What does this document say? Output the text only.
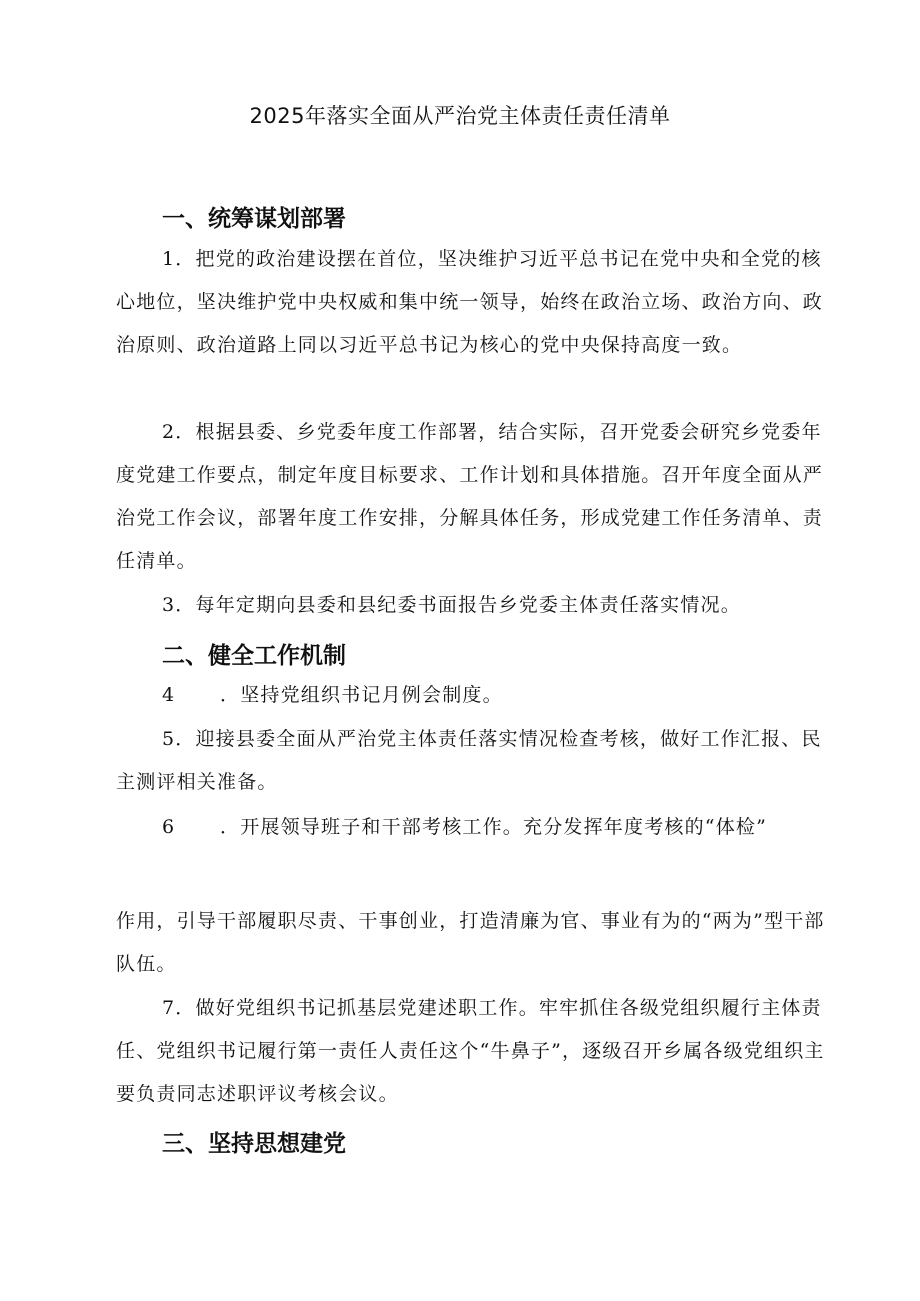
2025年落实全面从严治党主体责任责任清单
一、统筹谋划部署
1．把党的政治建设摆在首位，坚决维护习近平总书记在党中央和全党的核心地位，坚决维护党中央权威和集中统一领导，始终在政治立场、政治方向、政治原则、政治道路上同以习近平总书记为核心的党中央保持高度一致。
2．根据县委、乡党委年度工作部署，结合实际，召开党委会研究乡党委年度党建工作要点，制定年度目标要求、工作计划和具体措施。召开年度全面从严治党工作会议，部署年度工作安排，分解具体任务，形成党建工作任务清单、责任清单。
3．每年定期向县委和县纪委书面报告乡党委主体责任落实情况。
二、健全工作机制
4 ．坚持党组织书记月例会制度。
5．迎接县委全面从严治党主体责任落实情况检查考核，做好工作汇报、民主测评相关准备。
6 ．开展领导班子和干部考核工作。充分发挥年度考核的“体检”
作用，引导干部履职尽责、干事创业，打造清廉为官、事业有为的“两为”型干部队伍。
7．做好党组织书记抓基层党建述职工作。牢牢抓住各级党组织履行主体责任、党组织书记履行第一责任人责任这个“牛鼻子”，逐级召开乡属各级党组织主要负责同志述职评议考核会议。
三、坚持思想建党
